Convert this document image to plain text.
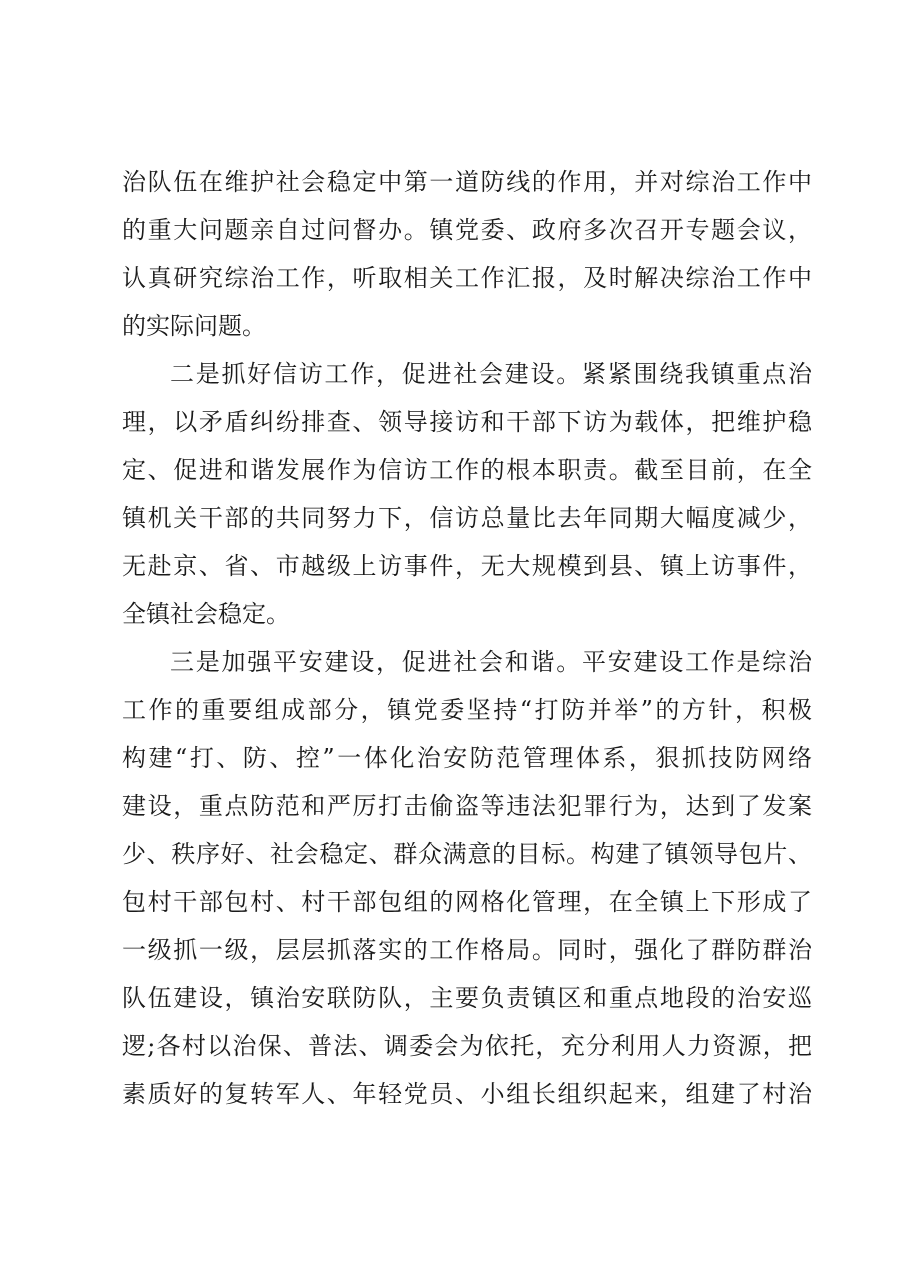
治队伍在维护社会稳定中第一道防线的作用，并对综治工作中
的重大问题亲自过问督办。镇党委、政府多次召开专题会议，
认真研究综治工作，听取相关工作汇报，及时解决综治工作中
的实际问题。
二是抓好信访工作，促进社会建设。紧紧围绕我镇重点治
理，以矛盾纠纷排查、领导接访和干部下访为载体，把维护稳
定、促进和谐发展作为信访工作的根本职责。截至目前，在全
镇机关干部的共同努力下，信访总量比去年同期大幅度减少，
无赴京、省、市越级上访事件，无大规模到县、镇上访事件，
全镇社会稳定。
三是加强平安建设，促进社会和谐。平安建设工作是综治
工作的重要组成部分，镇党委坚持“打防并举”的方针，积极
构建“打、防、控”一体化治安防范管理体系，狠抓技防网络
建设，重点防范和严厉打击偷盗等违法犯罪行为，达到了发案
少、秩序好、社会稳定、群众满意的目标。构建了镇领导包片、
包村干部包村、村干部包组的网格化管理，在全镇上下形成了
一级抓一级，层层抓落实的工作格局。同时，强化了群防群治
队伍建设，镇治安联防队，主要负责镇区和重点地段的治安巡
逻;各村以治保、普法、调委会为依托，充分利用人力资源，把
素质好的复转军人、年轻党员、小组长组织起来，组建了村治
